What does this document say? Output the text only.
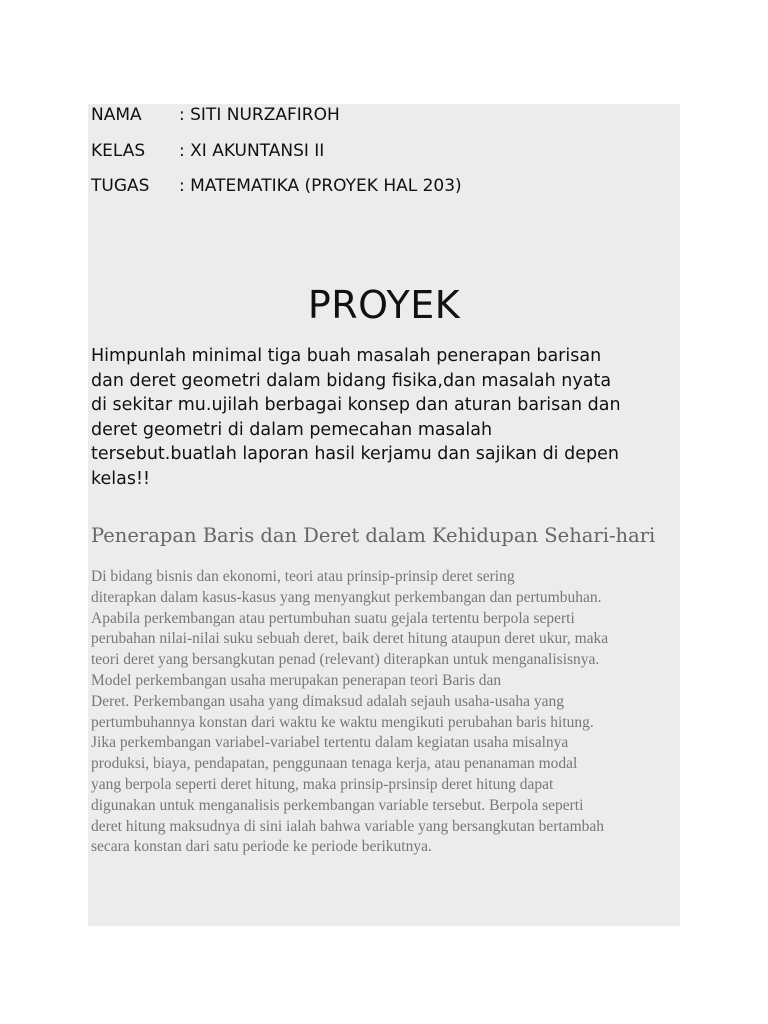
NAMA : SITI NURZAFIROH
KELAS : XI AKUNTANSI II
TUGAS : MATEMATIKA (PROYEK HAL 203)
PROYEK

Himpunlah minimal tiga buah masalah penerapan barisan
dan deret geometri dalam bidang fisika,dan masalah nyata
di sekitar mu.ujilah berbagai konsep dan aturan barisan dan
deret geometri di dalam pemecahan masalah
tersebut.buatlah laporan hasil kerjamu dan sajikan di depen
kelas!!

Penerapan Baris dan Deret dalam Kehidupan Sehari-hari

Di bidang bisnis dan ekonomi, teori atau prinsip-prinsip deret sering
diterapkan dalam kasus-kasus yang menyangkut perkembangan dan pertumbuhan.
Apabila perkembangan atau pertumbuhan suatu gejala tertentu berpola seperti
perubahan nilai-nilai suku sebuah deret, baik deret hitung ataupun deret ukur, maka
teori deret yang bersangkutan penad (relevant) diterapkan untuk menganalisisnya.
Model perkembangan usaha merupakan penerapan teori Baris dan
Deret. Perkembangan usaha yang dimaksud adalah sejauh usaha-usaha yang
pertumbuhannya konstan dari waktu ke waktu mengikuti perubahan baris hitung.
Jika perkembangan variabel-variabel tertentu dalam kegiatan usaha misalnya
produksi, biaya, pendapatan, penggunaan tenaga kerja, atau penanaman modal
yang berpola seperti deret hitung, maka prinsip-prsinsip deret hitung dapat
digunakan untuk menganalisis perkembangan variable tersebut. Berpola seperti
deret hitung maksudnya di sini ialah bahwa variable yang bersangkutan bertambah
secara konstan dari satu periode ke periode berikutnya.
